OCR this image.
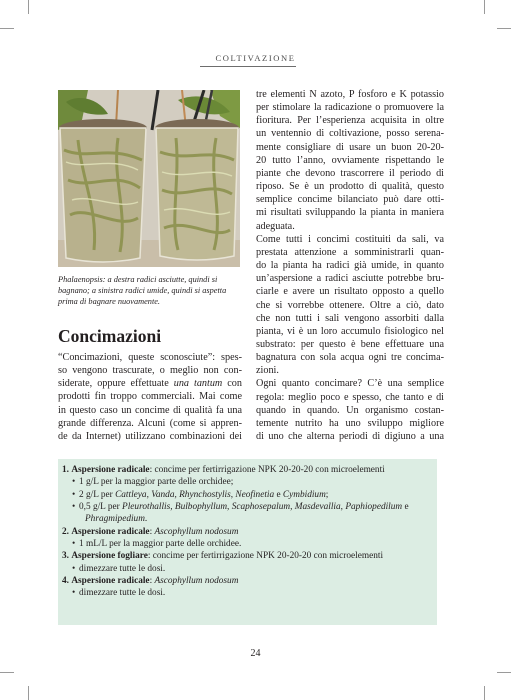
COLTIVAZIONE
Phalaenopsis: a destra radici asciutte, quindi si
bagnano; a sinistra radici umide, quindi si aspetta
prima di bagnare nuovamente.
Concimazioni
“Concimazioni, queste sconosciute”: spes-
so vengono trascurate, o meglio non con-
siderate, oppure effettuate una tantum con
prodotti fin troppo commerciali. Mai come
in questo caso un concime di qualità fa una
grande differenza. Alcuni (come si appren-
de da Internet) utilizzano combinazioni dei
tre elementi N azoto, P fosforo e K potassio
per stimolare la radicazione o promuovere la
fioritura. Per l’esperienza acquisita in oltre
un ventennio di coltivazione, posso serena-
mente consigliare di usare un buon 20-20-
20 tutto l’anno, ovviamente rispettando le
piante che devono trascorrere il periodo di
riposo. Se è un prodotto di qualità, questo
semplice concime bilanciato può dare otti-
mi risultati sviluppando la pianta in maniera
adeguata.
Come tutti i concimi costituiti da sali, va
prestata attenzione a somministrarli quan-
do la pianta ha radici già umide, in quanto
un’aspersione a radici asciutte potrebbe bru-
ciarle e avere un risultato opposto a quello
che si vorrebbe ottenere. Oltre a ciò, dato
che non tutti i sali vengono assorbiti dalla
pianta, vi è un loro accumulo fisiologico nel
substrato: per questo è bene effettuare una
bagnatura con sola acqua ogni tre concima-
zioni.
Ogni quanto concimare? C’è una semplice
regola: meglio poco e spesso, che tanto e di
quando in quando. Un organismo costan-
temente nutrito ha uno sviluppo migliore
di uno che alterna periodi di digiuno a una
1. Aspersione radicale: concime per fertirrigazione NPK 20-20-20 con microelementi
• 1 g/L per la maggior parte delle orchidee;
• 2 g/L per Cattleya, Vanda, Rhynchostylis, Neofinetia e Cymbidium;
• 0,5 g/L per Pleurothallis, Bulbophyllum, Scaphosepalum, Masdevallia, Paphiopedilum e
Phragmipedium.
2. Aspersione radicale: Ascophyllum nodosum
• 1 mL/L per la maggior parte delle orchidee.
3. Aspersione fogliare: concime per fertirrigazione NPK 20-20-20 con microelementi
• dimezzare tutte le dosi.
4. Aspersione radicale: Ascophyllum nodosum
• dimezzare tutte le dosi.
24
